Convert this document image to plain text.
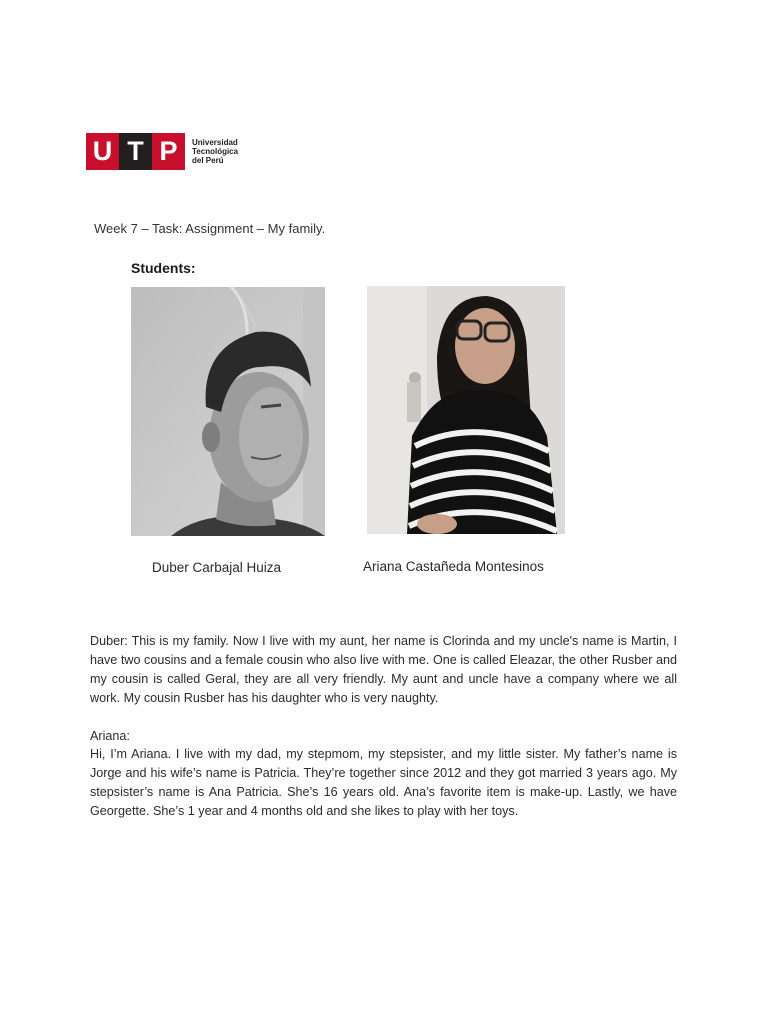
U T P	Universidad
Tecnológica
del Perú
Week 7 – Task: Assignment – My family.
Students:
Duber Carbajal Huiza	Ariana Castañeda Montesinos

Duber: This is my family. Now I live with my aunt, her name is Clorinda and my uncle's name is Martin, I have two cousins and a female cousin who also live with me. One is called Eleazar, the other Rusber and my cousin is called Geral, they are all very friendly. My aunt and uncle have a company where we all work. My cousin Rusber has his daughter who is very naughty.

Ariana:

Hi, I’m Ariana. I live with my dad, my stepmom, my stepsister, and my little sister. My father’s name is Jorge and his wife’s name is Patricia. They’re together since 2012 and they got married 3 years ago. My stepsister’s name is Ana Patricia. She’s 16 years old. Ana’s favorite item is make-up. Lastly, we have Georgette. She’s 1 year and 4 months old and she likes to play with her toys.
